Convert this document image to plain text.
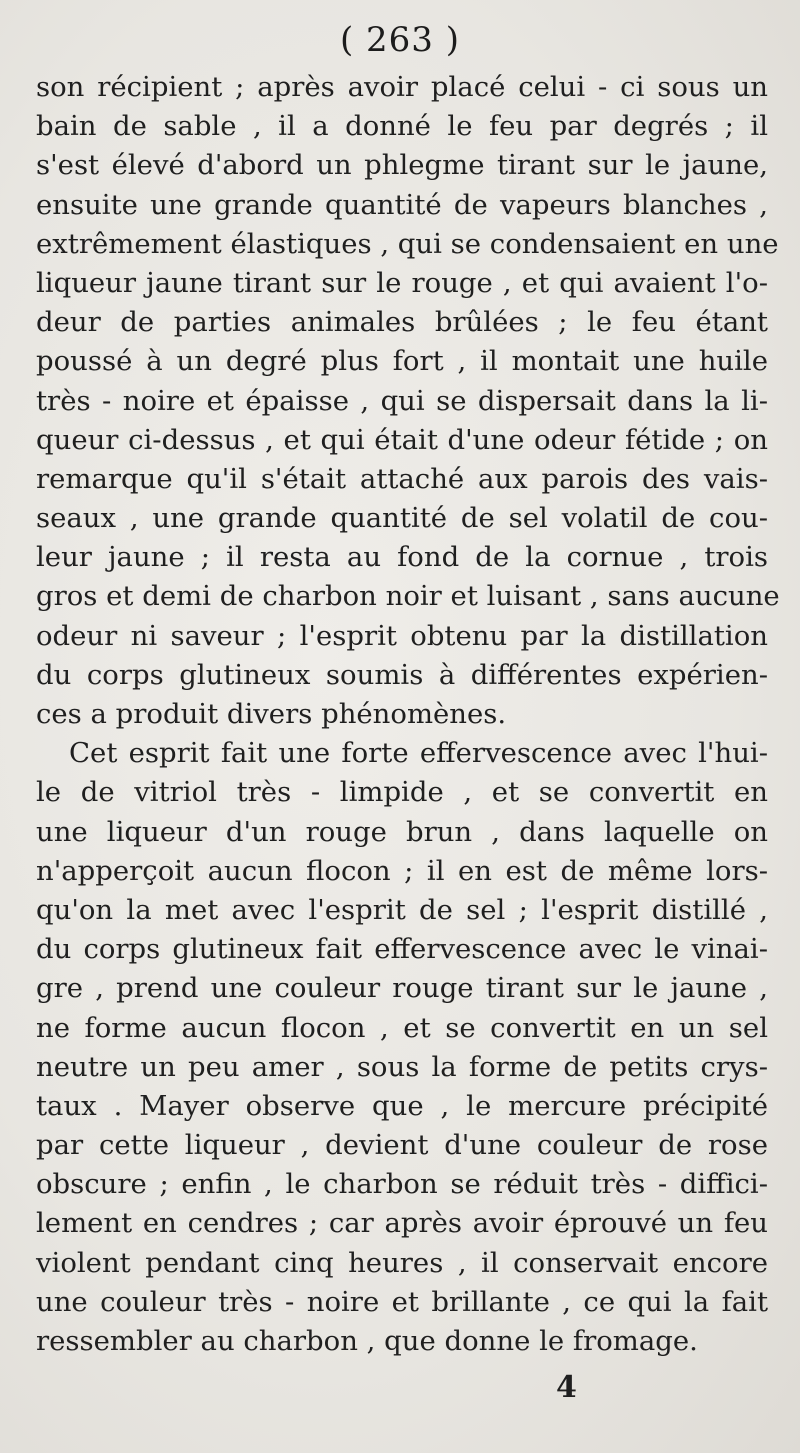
( 263 )
son récipient ; après avoir placé celui - ci sous un
bain de sable , il a donné le feu par degrés ; il
s'est élevé d'abord un phlegme tirant sur le jaune,
ensuite une grande quantité de vapeurs blanches ,
extrêmement élastiques , qui se condensaient en une
liqueur jaune tirant sur le rouge , et qui avaient l'o-
deur de parties animales brûlées ; le feu étant
poussé à un degré plus fort , il montait une huile
très - noire et épaisse , qui se dispersait dans la li-
queur ci-dessus , et qui était d'une odeur fétide ; on
remarque qu'il s'était attaché aux parois des vais-
seaux , une grande quantité de sel volatil de cou-
leur jaune ; il resta au fond de la cornue , trois
gros et demi de charbon noir et luisant , sans aucune
odeur ni saveur ; l'esprit obtenu par la distillation
du corps glutineux soumis à différentes expérien-
ces a produit divers phénomènes.
Cet esprit fait une forte effervescence avec l'hui-
le de vitriol très - limpide , et se convertit en
une liqueur d'un rouge brun , dans laquelle on
n'apperçoit aucun flocon ; il en est de même lors-
qu'on la met avec l'esprit de sel ; l'esprit distillé ,
du corps glutineux fait effervescence avec le vinai-
gre , prend une couleur rouge tirant sur le jaune ,
ne forme aucun flocon , et se convertit en un sel
neutre un peu amer , sous la forme de petits crys-
taux . Mayer observe que , le mercure précipité
par cette liqueur , devient d'une couleur de rose
obscure ; enfin , le charbon se réduit très - diffici-
lement en cendres ; car après avoir éprouvé un feu
violent pendant cinq heures , il conservait encore
une couleur très - noire et brillante , ce qui la fait
ressembler au charbon , que donne le fromage.
4
